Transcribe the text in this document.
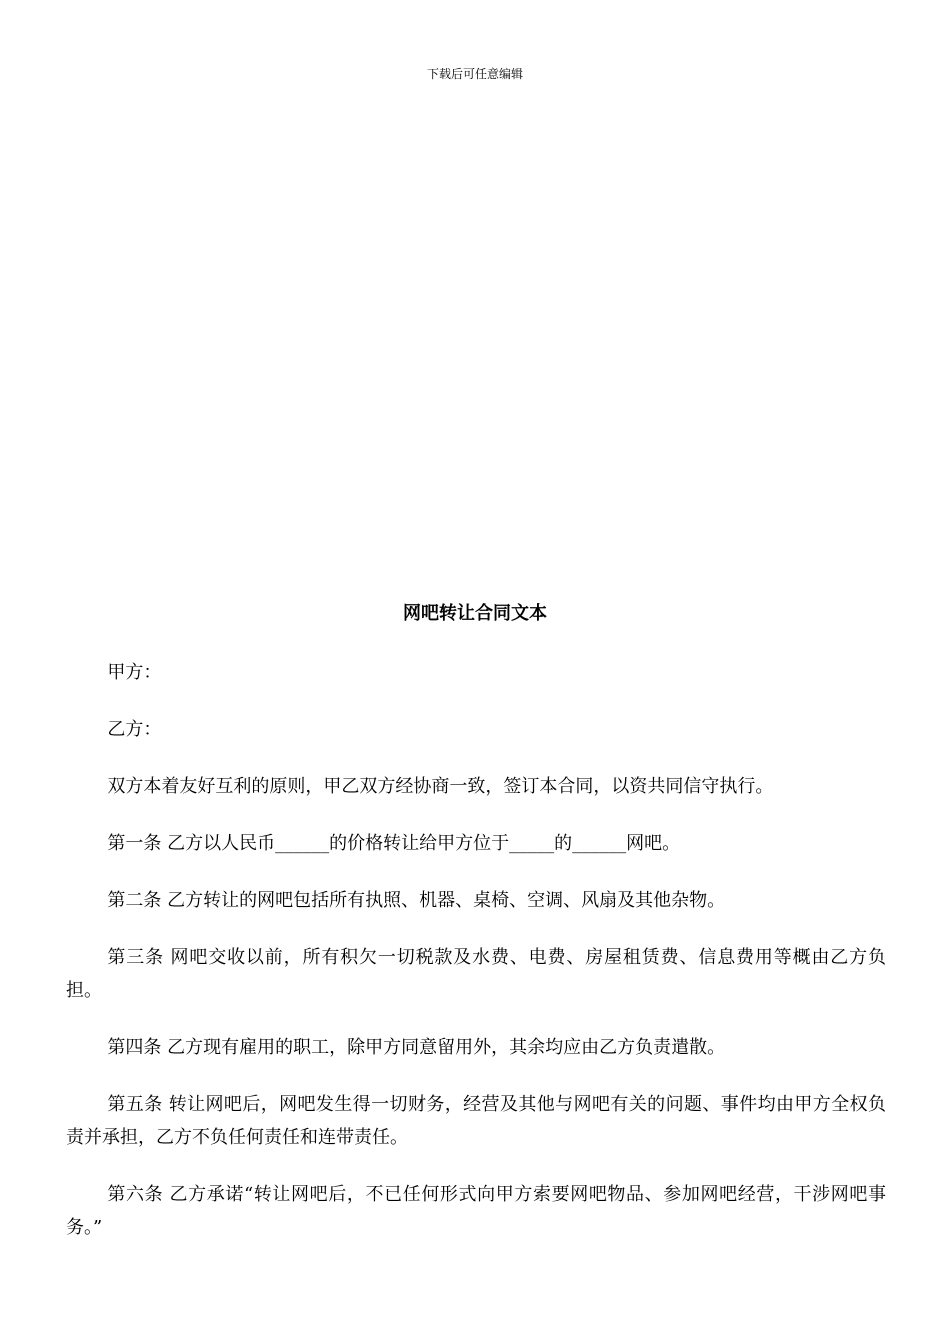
下载后可任意编辑
网吧转让合同文本

甲方：

乙方：

双方本着友好互利的原则，甲乙双方经协商一致，签订本合同，以资共同信守执行。

第一条 乙方以人民币______的价格转让给甲方位于_____的______网吧。

第二条 乙方转让的网吧包括所有执照、机器、桌椅、空调、风扇及其他杂物。

第三条 网吧交收以前，所有积欠一切税款及水费、电费、房屋租赁费、信息费用等概由乙方负担。

第四条 乙方现有雇用的职工，除甲方同意留用外，其余均应由乙方负责遣散。

第五条 转让网吧后，网吧发生得一切财务，经营及其他与网吧有关的问题、事件均由甲方全权负责并承担，乙方不负任何责任和连带责任。

第六条 乙方承诺“转让网吧后，不已任何形式向甲方索要网吧物品、参加网吧经营，干涉网吧事务。”
